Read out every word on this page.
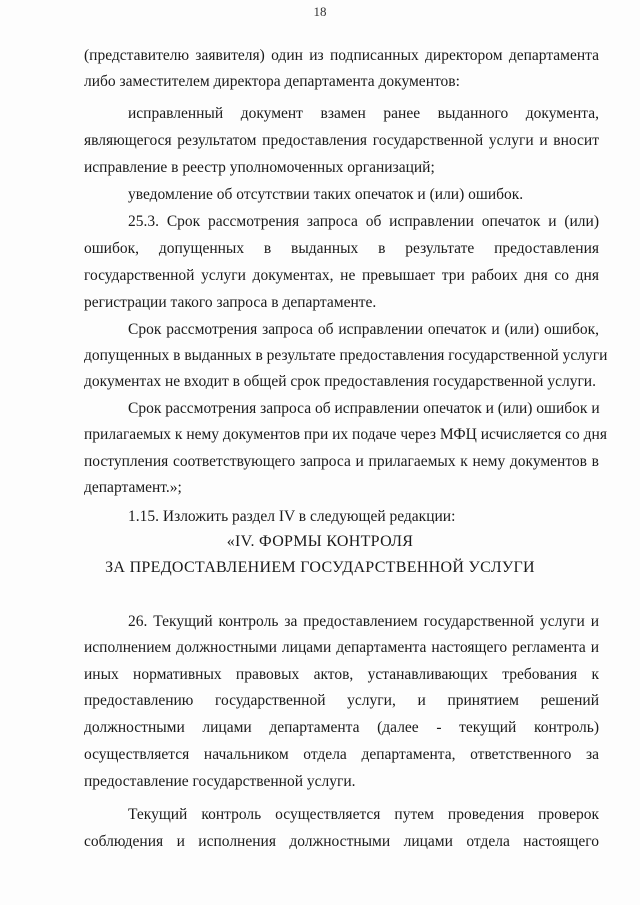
18
(представителю заявителя) один из подписанных директором департамента
либо заместителем директора департамента документов:
исправленный документ взамен ранее выданного документа,
являющегося результатом предоставления государственной услуги и вносит
исправление в реестр уполномоченных организаций;
уведомление об отсутствии таких опечаток и (или) ошибок.
25.3. Срок рассмотрения запроса об исправлении опечаток и (или)
ошибок, допущенных в выданных в результате предоставления
государственной услуги документах, не превышает три рабоих дня со дня
регистрации такого запроса в департаменте.
Срок рассмотрения запроса об исправлении опечаток и (или) ошибок,
допущенных в выданных в результате предоставления государственной услуги
документах не входит в общей срок предоставления государственной услуги.
Срок рассмотрения запроса об исправлении опечаток и (или) ошибок и
прилагаемых к нему документов при их подаче через МФЦ исчисляется со дня
поступления соответствующего запроса и прилагаемых к нему документов в
департамент.»;
1.15. Изложить раздел IV в следующей редакции:
«IV. ФОРМЫ КОНТРОЛЯ
ЗА ПРЕДОСТАВЛЕНИЕМ ГОСУДАРСТВЕННОЙ УСЛУГИ
26. Текущий контроль за предоставлением государственной услуги и
исполнением должностными лицами департамента настоящего регламента и
иных нормативных правовых актов, устанавливающих требования к
предоставлению государственной услуги, и принятием решений
должностными лицами департамента (далее - текущий контроль)
осуществляется начальником отдела департамента, ответственного за
предоставление государственной услуги.
Текущий контроль осуществляется путем проведения проверок
соблюдения и исполнения должностными лицами отдела настоящего
